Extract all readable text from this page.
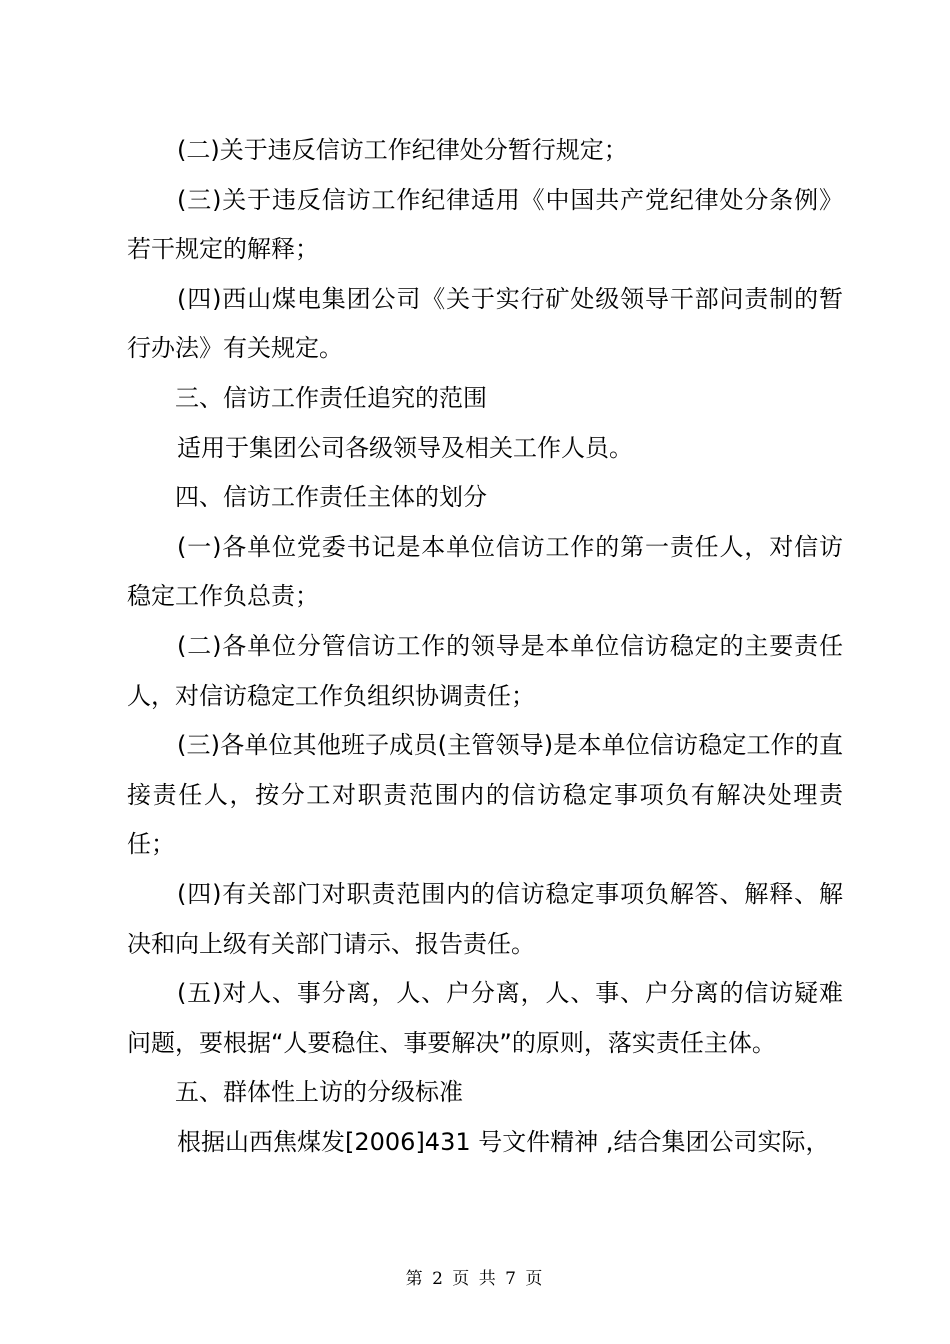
(二)关于违反信访工作纪律处分暂行规定；

(三)关于违反信访工作纪律适用《中国共产党纪律处分条例》若干规定的解释；

(四)西山煤电集团公司《关于实行矿处级领导干部问责制的暂行办法》有关规定。

三、信访工作责任追究的范围

适用于集团公司各级领导及相关工作人员。

四、信访工作责任主体的划分

(一)各单位党委书记是本单位信访工作的第一责任人，对信访稳定工作负总责；

(二)各单位分管信访工作的领导是本单位信访稳定的主要责任人，对信访稳定工作负组织协调责任；

(三)各单位其他班子成员(主管领导)是本单位信访稳定工作的直接责任人，按分工对职责范围内的信访稳定事项负有解决处理责任；

(四)有关部门对职责范围内的信访稳定事项负解答、解释、解决和向上级有关部门请示、报告责任。

(五)对人、事分离，人、户分离，人、事、户分离的信访疑难问题，要根据“人要稳住、事要解决”的原则，落实责任主体。

五、群体性上访的分级标准

根据山西焦煤发[2006]431 号文件精神 ,结合集团公司实际，

第 2 页 共 7 页
